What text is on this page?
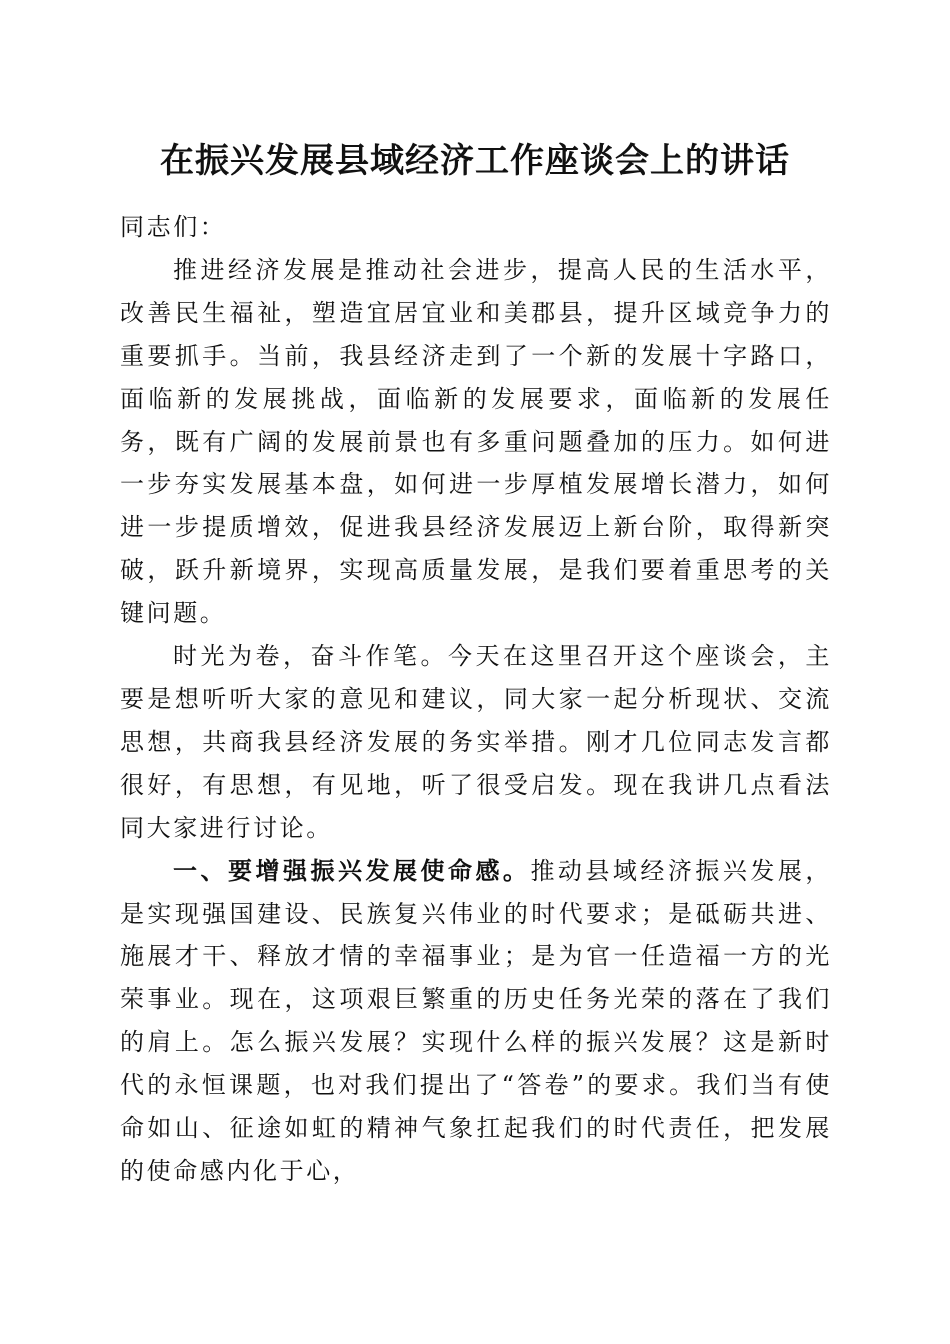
在振兴发展县域经济工作座谈会上的讲话

同志们：

推进经济发展是推动社会进步，提高人民的生活水平，改善民生福祉，塑造宜居宜业和美郡县，提升区域竞争力的重要抓手。当前，我县经济走到了一个新的发展十字路口，面临新的发展挑战，面临新的发展要求，面临新的发展任务，既有广阔的发展前景也有多重问题叠加的压力。如何进一步夯实发展基本盘，如何进一步厚植发展增长潜力，如何进一步提质增效，促进我县经济发展迈上新台阶，取得新突破，跃升新境界，实现高质量发展，是我们要着重思考的关键问题。

时光为卷，奋斗作笔。今天在这里召开这个座谈会，主要是想听听大家的意见和建议，同大家一起分析现状、交流思想，共商我县经济发展的务实举措。刚才几位同志发言都很好，有思想，有见地，听了很受启发。现在我讲几点看法同大家进行讨论。

一、要增强振兴发展使命感。推动县域经济振兴发展，是实现强国建设、民族复兴伟业的时代要求；是砥砺共进、施展才干、释放才情的幸福事业；是为官一任造福一方的光荣事业。现在，这项艰巨繁重的历史任务光荣的落在了我们的肩上。怎么振兴发展？实现什么样的振兴发展？这是新时代的永恒课题，也对我们提出了“答卷”的要求。我们当有使命如山、征途如虹的精神气象扛起我们的时代责任，把发展的使命感内化于心，
